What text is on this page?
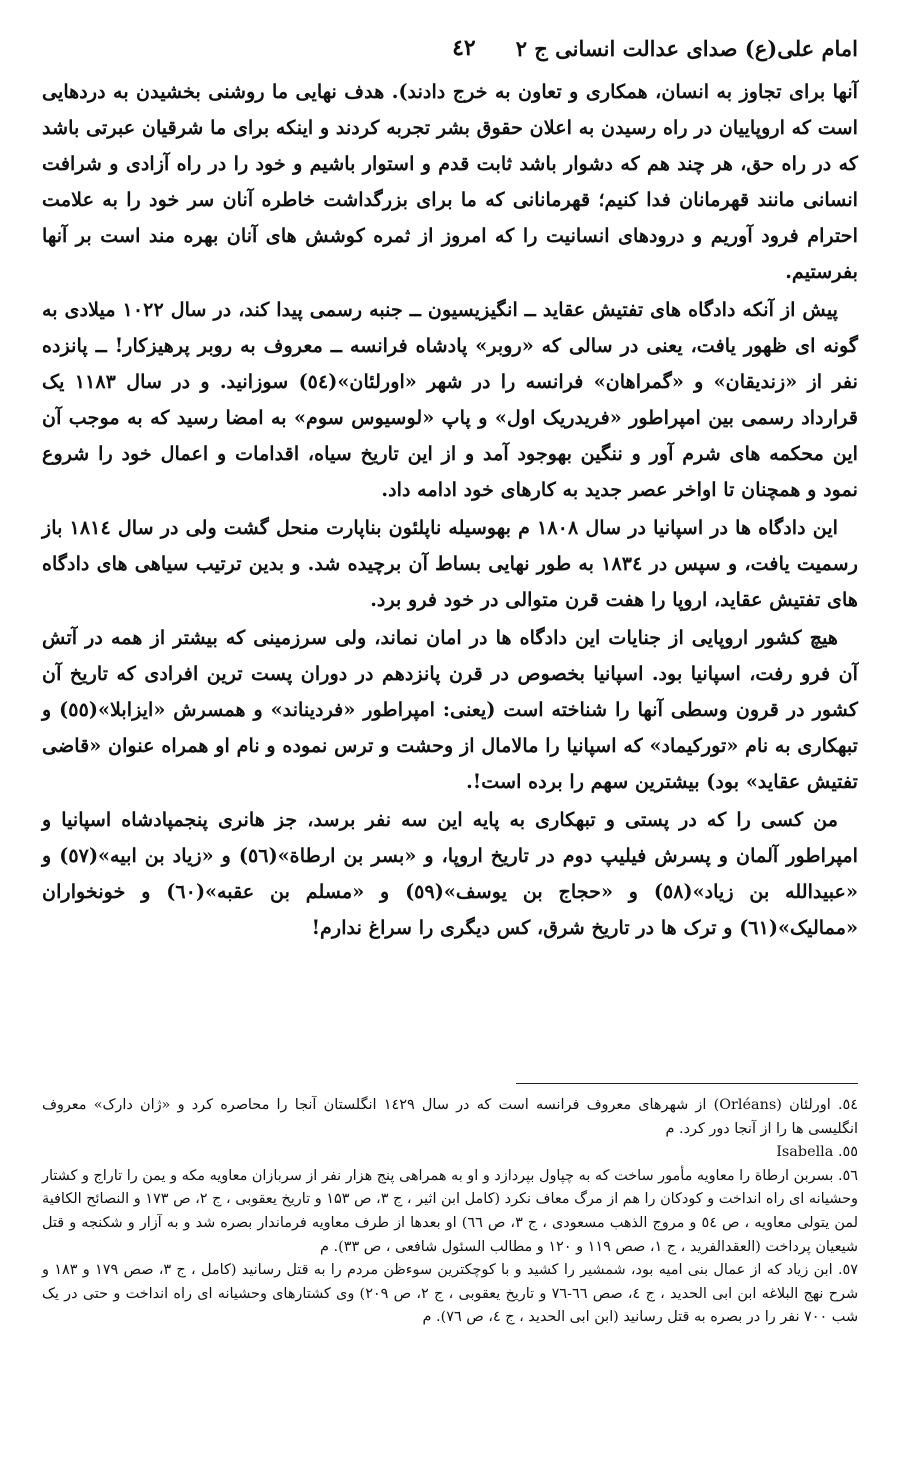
امام علی(ع) صدای عدالت انسانی ج ۲
٤٢

آنها برای تجاوز به انسان، همکاری و تعاون به خرج دادند). هدف نهایی ما روشنی بخشیدن به دردهایی است که اروپاییان در راه رسیدن به اعلان حقوق بشر تجربه کردند و اینکه برای ما شرقیان عبرتی باشد که در راه حق، هر چند هم که دشوار باشد ثابت قدم و استوار باشیم و خود را در راه آزادی و شرافت انسانی مانند قهرمانان فدا کنیم؛ قهرمانانی که ما برای بزرگداشت خاطره آنان سر خود را به علامت احترام فرود آوریم و درودهای انسانیت را که امروز از ثمره کوشش های آنان بهره مند است بر آنها بفرستیم.

پیش از آنکه دادگاه های تفتیش عقاید ــ انگیزیسیون ــ جنبه رسمی پیدا کند، در سال ۱۰۲۲ میلادی به گونه ای ظهور یافت، یعنی در سالی که «روبر» پادشاه فرانسه ــ معروف به روبر پرهیزکار! ــ پانزده نفر از «زندیقان» و «گمراهان» فرانسه را در شهر «اورلئان»(٥٤) سوزانید. و در سال ۱۱۸۳ یک قرارداد رسمی بین امپراطور «فریدریک اول» و پاپ «لوسیوس سوم» به امضا رسید که به موجب آن این محکمه های شرم آور و ننگین بهوجود آمد و از این تاریخ سیاه، اقدامات و اعمال خود را شروع نمود و همچنان تا اواخر عصر جدید به کارهای خود ادامه داد.

این دادگاه ها در اسپانیا در سال ۱۸۰۸ م بهوسیله ناپلئون بناپارت منحل گشت ولی در سال ۱۸۱٤ باز رسمیت یافت، و سپس در ۱۸۳٤ به طور نهایی بساط آن برچیده شد. و بدین ترتیب سیاهی های دادگاه های تفتیش عقاید، اروپا را هفت قرن متوالی در خود فرو برد.

هیچ کشور اروپایی از جنایات این دادگاه ها در امان نماند، ولی سرزمینی که بیشتر از همه در آتش آن فرو رفت، اسپانیا بود. اسپانیا بخصوص در قرن پانزدهم در دوران پست ترین افرادی که تاریخ آن کشور در قرون وسطی آنها را شناخته است (یعنی: امپراطور «فردیناند» و همسرش «ایزابلا»(٥٥) و تبهکاری به نام «تورکیماد» که اسپانیا را مالامال از وحشت و ترس نموده و نام او همراه عنوان «قاضی تفتیش عقاید» بود) بیشترین سهم را برده است!.

من کسی را که در پستی و تبهکاری به پایه این سه نفر برسد، جز هانری پنجمپادشاه اسپانیا و امپراطور آلمان و پسرش فیلیپ دوم در تاریخ اروپا، و «بسر بن ارطاة»(٥٦) و «زیاد بن ابیه»(٥٧) و «عبیدالله بن زیاد»(٥٨) و «حجاج بن یوسف»(٥٩) و «مسلم بن عقبه»(٦٠) و خونخواران «ممالیک»(٦١) و ترک ها در تاریخ شرق، کس دیگری را سراغ ندارم!

٥٤. اورلئان (Orléans) از شهرهای معروف فرانسه است که در سال ۱٤۲۹ انگلستان آنجا را محاصره کرد و «ژان دارک» معروف انگلیسی ها را از آنجا دور کرد. م

٥٥. Isabella

٥٦. بسربن ارطاة را معاویه مأمور ساخت که به چپاول بپردازد و او به همراهی پنج هزار نفر از سربازان معاویه مکه و یمن را تاراج و کشتار وحشیانه ای راه انداخت و کودکان را هم از مرگ معاف نکرد (کامل ابن اثیر ، ج ۳، ص ۱۵۳ و تاریخ یعقوبی ، ج ۲، ص ۱۷۳ و النصائح الکافیة لمن یتولی معاویه ، ص ٥٤ و مروج الذهب مسعودی ، ج ۳، ص ٦٦) او بعدها از طرف معاویه فرماندار بصره شد و به آزار و شکنجه و قتل شیعیان پرداخت (العقدالفرید ، ج ۱، صص ۱۱۹ و ۱۲۰ و مطالب السئول شافعی ، ص ۳۳). م

٥٧. ابن زیاد که از عمال بنی امیه بود، شمشیر را کشید و با کوچکترین سوءظن مردم را به قتل رسانید (کامل ، ج ۳، صص ۱۷۹ و ۱۸۳ و شرح نهج البلاغه ابن ابی الحدید ، ج ٤، صص ٦٦-٧٦ و تاریخ یعقوبی ، ج ۲، ص ۲۰۹) وی کشتارهای وحشیانه ای راه انداخت و حتی در یک شب ۷۰۰ نفر را در بصره به قتل رسانید (ابن ابی الحدید ، ج ٤، ص ٧٦). م
